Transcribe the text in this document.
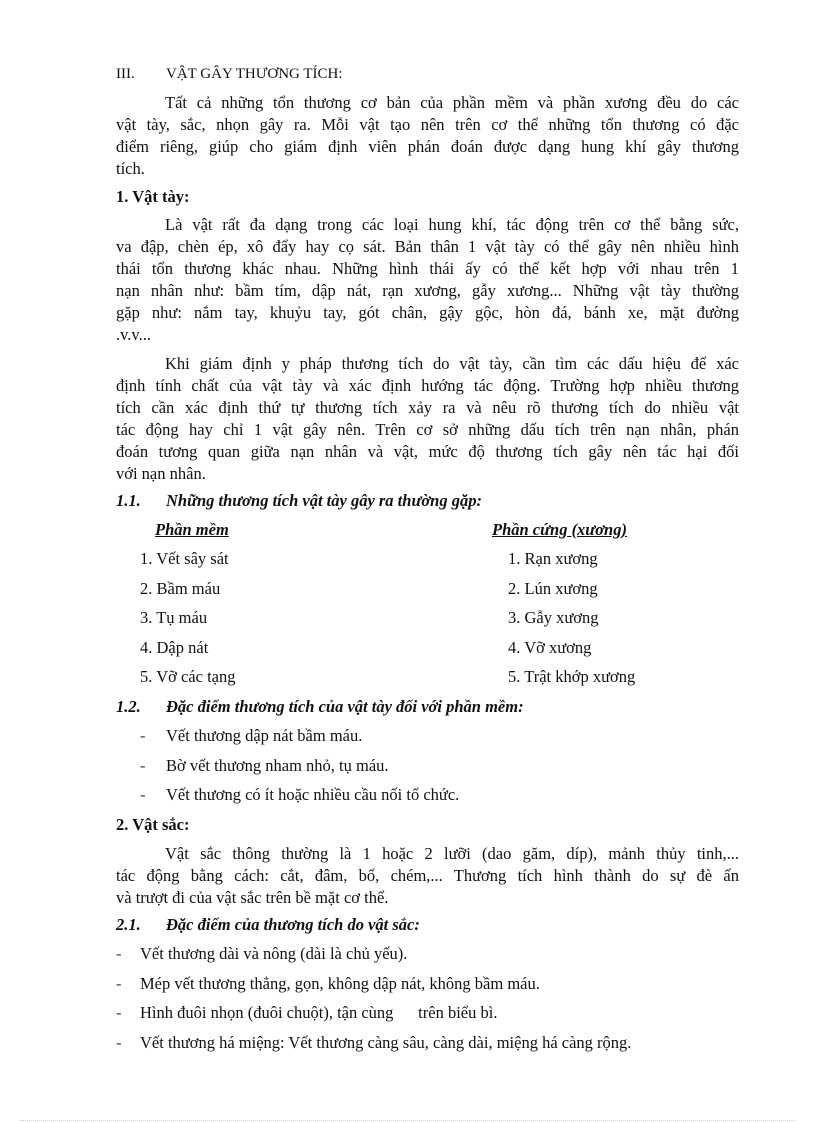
III. VẬT GÂY THƯƠNG TÍCH:
Tất cả những tổn thương cơ bản của phần mềm và phần xương đều do các
vật tày, sắc, nhọn gây ra. Mỗi vật tạo nên trên cơ thể những tổn thương có đặc
điểm riêng, giúp cho giám định viên phán đoán được dạng hung khí gây thương
tích.
1. Vật tày:
Là vật rất đa dạng trong các loại hung khí, tác động trên cơ thể bằng sức,
va đập, chèn ép, xô đẩy hay cọ sát. Bản thân 1 vật tày có thể gây nên nhiều hình
thái tổn thương khác nhau. Những hình thái ấy có thể kết hợp với nhau trên 1
nạn nhân như: bầm tím, dập nát, rạn xương, gẫy xương... Những vật tày thường
gặp như: nắm tay, khuỷu tay, gót chân, gậy gộc, hòn đá, bánh xe, mặt đường
.v.v...
Khi giám định y pháp thương tích do vật tày, cần tìm các dấu hiệu để xác
định tính chất của vật tày và xác định hướng tác động. Trường hợp nhiều thương
tích cần xác định thứ tự thương tích xảy ra và nêu rõ thương tích do nhiều vật
tác động hay chỉ 1 vật gây nên. Trên cơ sở những dấu tích trên nạn nhân, phán
đoán tương quan giữa nạn nhân và vật, mức độ thương tích gây nên tác hại đối
với nạn nhân.
1.1. Những thương tích vật tày gây ra thường gặp:
Phần mềm	Phần cứng (xương)
1. Vết sây sát
2. Bầm máu
3. Tụ máu
4. Dập nát
5. Vỡ các tạng
1. Rạn xương
2. Lún xương
3. Gẫy xương
4. Vỡ xương
5. Trật khớp xương
1.2. Đặc điểm thương tích của vật tày đối với phần mềm:
- Vết thương dập nát bầm máu.
- Bờ vết thương nham nhỏ, tụ máu.
- Vết thương có ít hoặc nhiều cầu nối tổ chức.
2. Vật sắc:
Vật sắc thông thường là 1 hoặc 2 lưỡi (dao găm, díp), mảnh thủy tinh,...
tác động bằng cách: cắt, đâm, bổ, chém,... Thương tích hình thành do sự đè ấn
và trượt đi của vật sắc trên bề mặt cơ thể.
2.1. Đặc điểm của thương tích do vật sắc:
- Vết thương dài và nông (dài là chủ yếu).
- Mép vết thương thẳng, gọn, không dập nát, không bầm máu.
- Hình đuôi nhọn (đuôi chuột), tận cùng      trên biểu bì.
- Vết thương há miệng: Vết thương càng sâu, càng dài, miệng há càng rộng.
